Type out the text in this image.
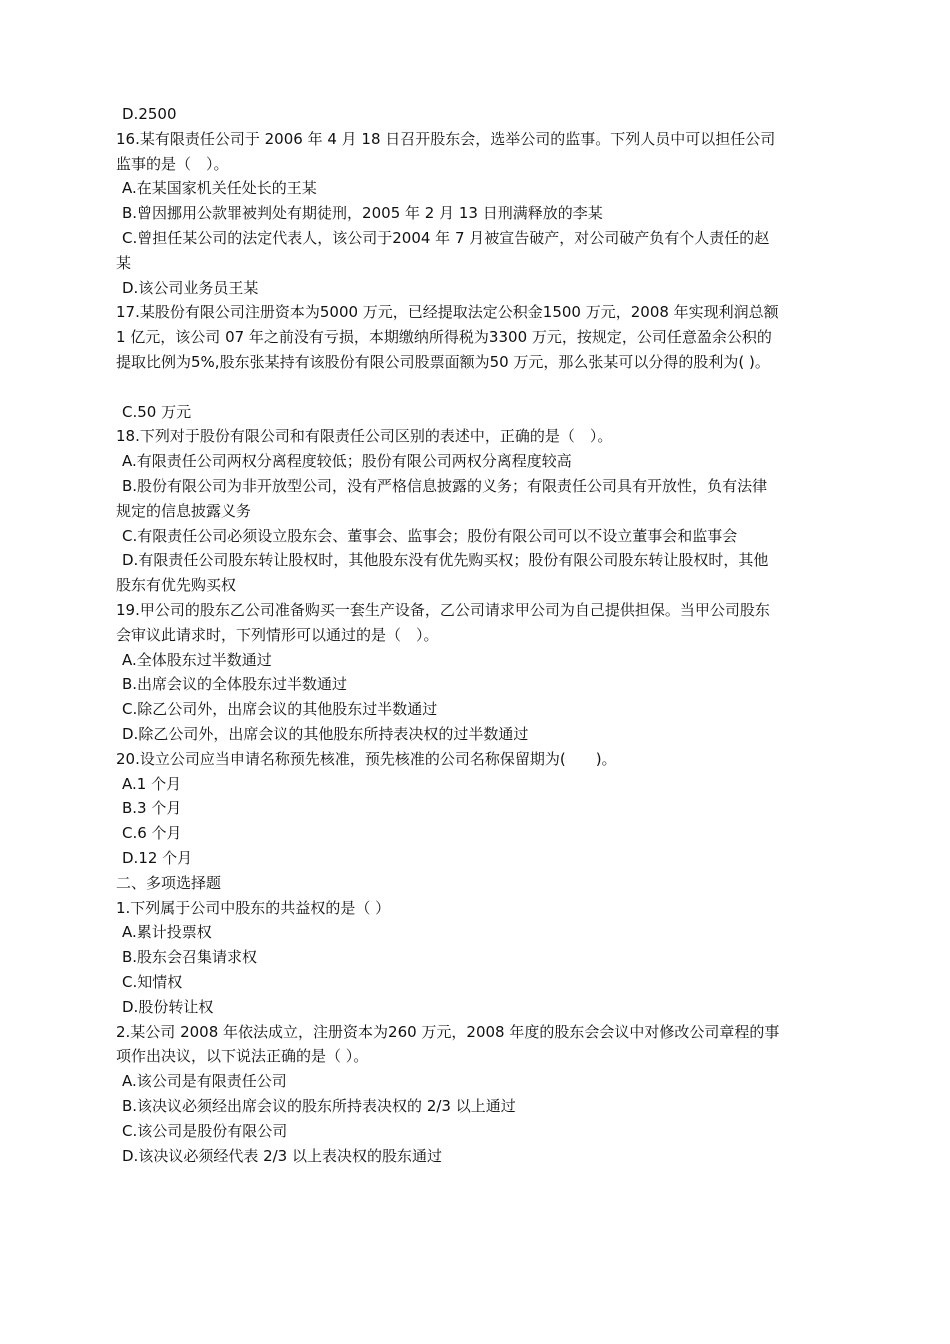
D.2500
16.某有限责任公司于 2006 年 4 月 18 日召开股东会，选举公司的监事。下列人员中可以担任公司
监事的是（　）。
A.在某国家机关任处长的王某
B.曾因挪用公款罪被判处有期徒刑，2005 年 2 月 13 日刑满释放的李某
C.曾担任某公司的法定代表人，该公司于2004 年 7 月被宣告破产，对公司破产负有个人责任的赵
某
D.该公司业务员王某
17.某股份有限公司注册资本为5000 万元，已经提取法定公积金1500 万元，2008 年实现利润总额
1 亿元，该公司 07 年之前没有亏损，本期缴纳所得税为3300 万元，按规定，公司任意盈余公积的
提取比例为5%,股东张某持有该股份有限公司股票面额为50 万元，那么张某可以分得的股利为( )。
C.50 万元
18.下列对于股份有限公司和有限责任公司区别的表述中，正确的是（　）。
A.有限责任公司两权分离程度较低；股份有限公司两权分离程度较高
B.股份有限公司为非开放型公司，没有严格信息披露的义务；有限责任公司具有开放性，负有法律
规定的信息披露义务
C.有限责任公司必须设立股东会、董事会、监事会；股份有限公司可以不设立董事会和监事会
D.有限责任公司股东转让股权时，其他股东没有优先购买权；股份有限公司股东转让股权时，其他
股东有优先购买权
19.甲公司的股东乙公司准备购买一套生产设备，乙公司请求甲公司为自己提供担保。当甲公司股东
会审议此请求时，下列情形可以通过的是（　）。
A.全体股东过半数通过
B.出席会议的全体股东过半数通过
C.除乙公司外，出席会议的其他股东过半数通过
D.除乙公司外，出席会议的其他股东所持表决权的过半数通过
20.设立公司应当申请名称预先核准，预先核准的公司名称保留期为(　　)。
A.1 个月
B.3 个月
C.6 个月
D.12 个月
二、多项选择题
1.下列属于公司中股东的共益权的是（ ）
A.累计投票权
B.股东会召集请求权
C.知情权
D.股份转让权
2.某公司 2008 年依法成立，注册资本为260 万元，2008 年度的股东会会议中对修改公司章程的事
项作出决议，以下说法正确的是（ ）。
A.该公司是有限责任公司
B.该决议必须经出席会议的股东所持表决权的 2/3 以上通过
C.该公司是股份有限公司
D.该决议必须经代表 2/3 以上表决权的股东通过
